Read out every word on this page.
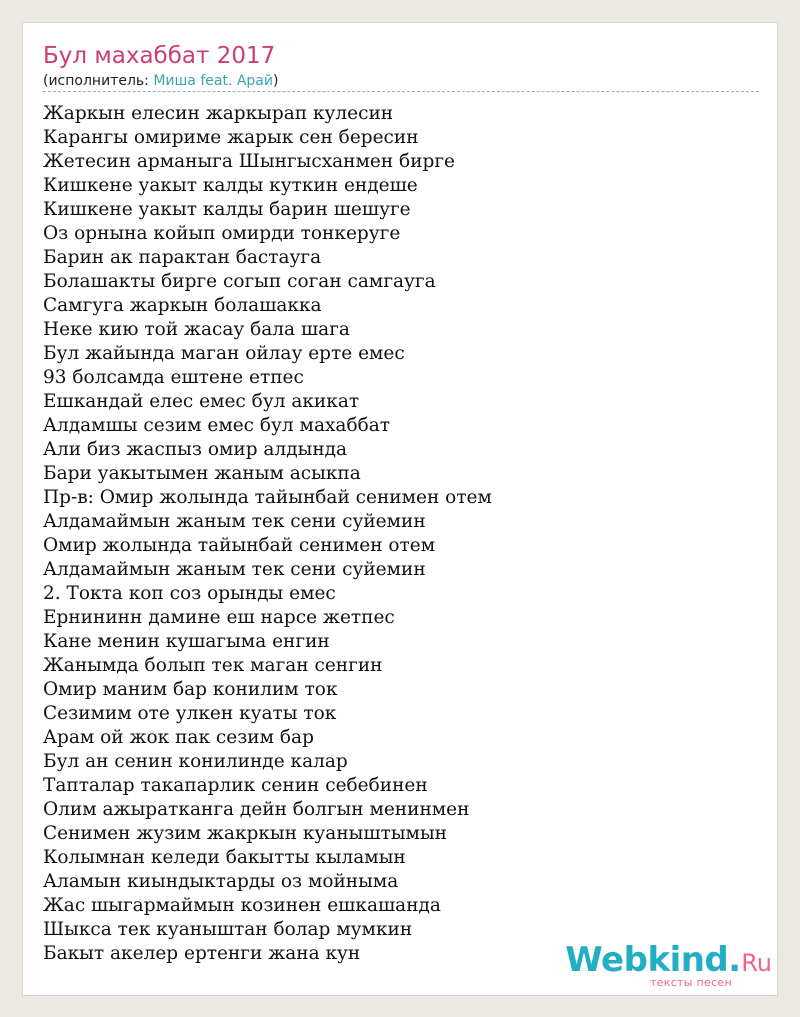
Бул махаббат 2017
(исполнитель: Миша feat. Арай)
Жаркын елесин жаркырап кулесин
Карангы омириме жарык сен бересин
Жетесин арманыга Шынгысханмен бирге
Кишкене уакыт калды куткин ендеше
Кишкене уакыт калды барин шешуге
Оз орнына койып омирди тонкеруге
Барин ак парактан бастауга
Болашакты бирге согып соган самгауга
Самгуга жаркын болашакка
Неке кию той жасау бала шага
Бул жайында маган ойлау ерте емес
93 болсамда ештене етпес
Ешкандай елес емес бул акикат
Алдамшы сезим емес бул махаббат
Али биз жаспыз омир алдында
Бари уакытымен жаным асыкпа
Пр-в: Омир жолында тайынбай сенимен отем
Алдамаймын жаным тек сени суйемин
Омир жолында тайынбай сенимен отем
Алдамаймын жаным тек сени суйемин
2. Токта коп соз орынды емес
Ернининн дамине еш нарсе жетпес
Кане менин кушагыма енгин
Жанымда болып тек маган сенгин
Омир маним бар конилим ток
Сезимим оте улкен куаты ток
Арам ой жок пак сезим бар
Бул ан сенин конилинде калар
Тапталар такапарлик сенин себебинен
Олим ажыратканга дейн болгын менинмен
Сенимен жузим жакркын куаныштымын
Колымнан келеди бакытты кыламын
Аламын киындыктарды оз мойныма
Жас шыгармаймын козинен ешкашанда
Шыкса тек куаныштан болар мумкин
Бакыт акелер ертенги жана кун	Webkind.Ru
тексты песен
